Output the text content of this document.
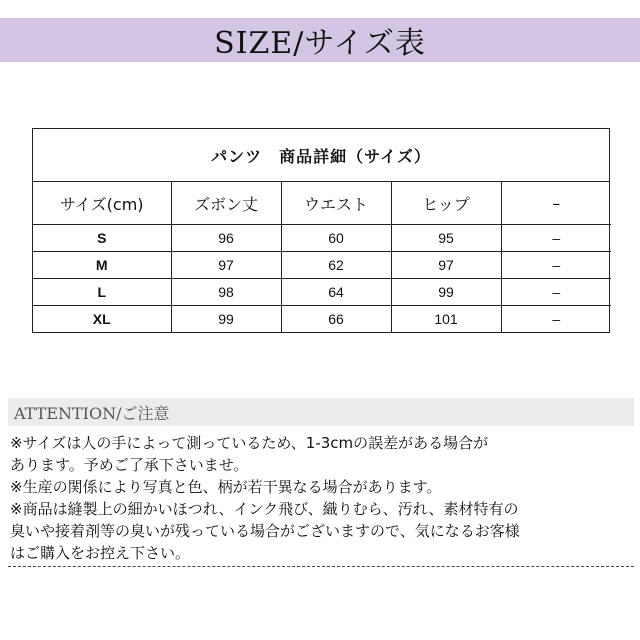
SIZE/サイズ表
パンツ　商品詳細（サイズ）
サイズ(cm)	ズボン丈	ウエスト	ヒップ	–
S	96	60	95	–
M	97	62	97	–
L	98	64	99	–
XL	99	66	101	–
ATTENTION/ご注意
※サイズは人の手によって測っているため、1-3cmの誤差がある場合が
あります。予めご了承下さいませ。
※生産の関係により写真と色、柄が若干異なる場合があります。
※商品は縫製上の細かいほつれ、インク飛び、織りむら、汚れ、素材特有の
臭いや接着剤等の臭いが残っている場合がございますので、気になるお客様
はご購入をお控え下さい。
